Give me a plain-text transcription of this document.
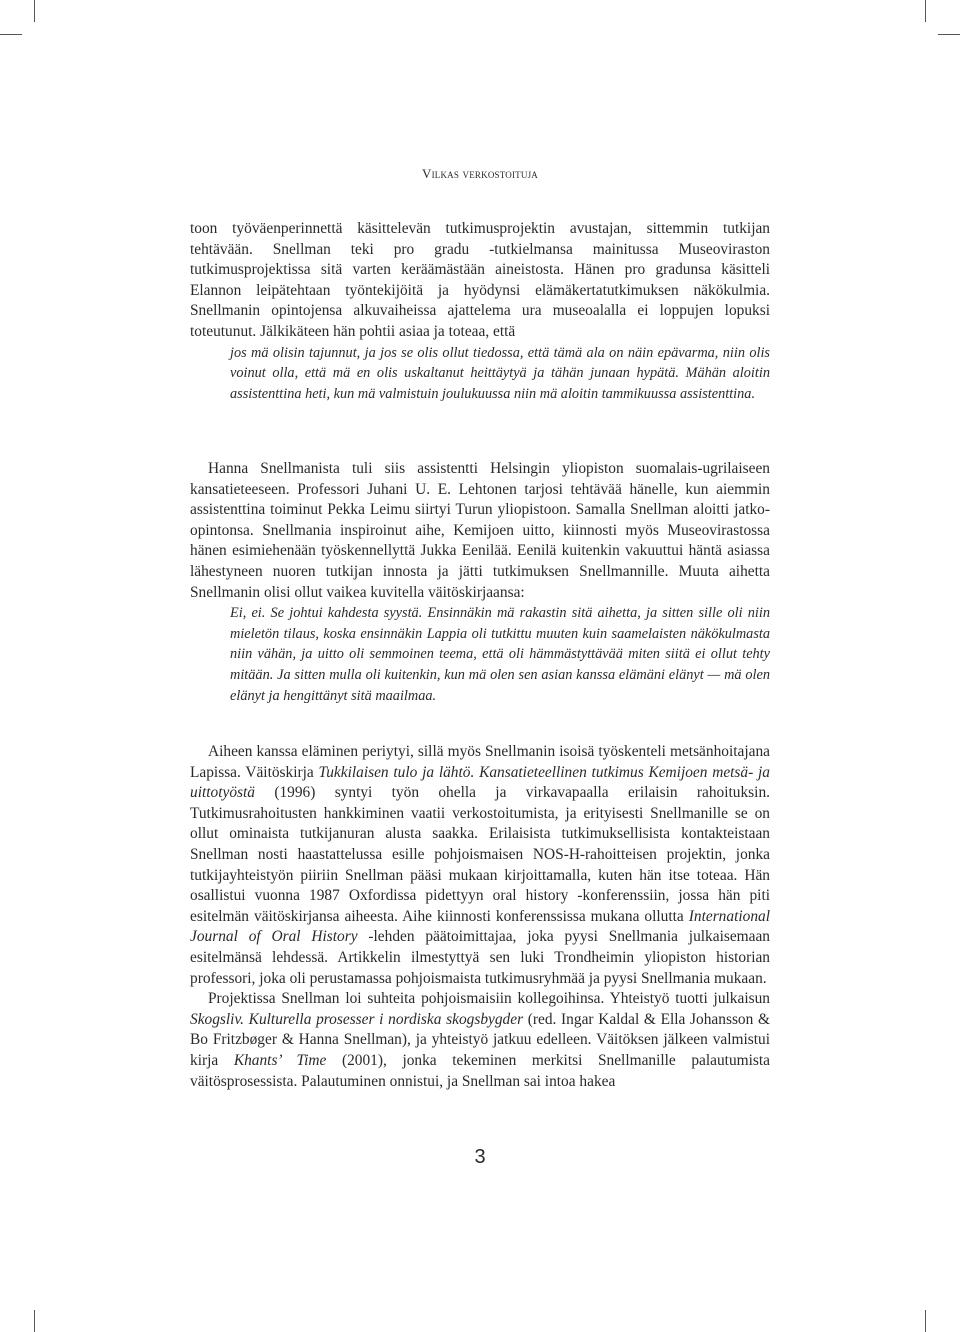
Vilkas verkostoituja

toon työväenperinnettä käsittelevän tutkimusprojektin avustajan, sittemmin tutkijan tehtävään. Snellman teki pro gradu -tutkielmansa mainitussa Museoviraston tutkimusprojektissa sitä varten keräämästään aineistosta. Hänen pro gradunsa käsitteli Elannon leipätehtaan työntekijöitä ja hyödynsi elämäkertatutkimuksen näkökulmia. Snellmanin opintojensa alkuvaiheissa ajattelema ura museoalalla ei loppujen lopuksi toteutunut. Jälkikäteen hän pohtii asiaa ja toteaa, että

jos mä olisin tajunnut, ja jos se olis ollut tiedossa, että tämä ala on näin epävarma, niin olis voinut olla, että mä en olis uskaltanut heittäytyä ja tähän junaan hypätä. Mähän aloitin assistenttina heti, kun mä valmistuin joulukuussa niin mä aloitin tammikuussa assistenttina.

Hanna Snellmanista tuli siis assistentti Helsingin yliopiston suomalais-ugrilaiseen kansatieteeseen. Professori Juhani U. E. Lehtonen tarjosi tehtävää hänelle, kun aiemmin assistenttina toiminut Pekka Leimu siirtyi Turun yliopistoon. Samalla Snellman aloitti jatko-opintonsa. Snellmania inspiroinut aihe, Kemijoen uitto, kiinnosti myös Museovirastossa hänen esimiehenään työskennellyttä Jukka Eenilää. Eenilä kuitenkin vakuuttui häntä asiassa lähestyneen nuoren tutkijan innosta ja jätti tutkimuksen Snellmannille. Muuta aihetta Snellmanin olisi ollut vaikea kuvitella väitöskirjaansa:

Ei, ei. Se johtui kahdesta syystä. Ensinnäkin mä rakastin sitä aihetta, ja sitten sille oli niin mieletön tilaus, koska ensinnäkin Lappia oli tutkittu muuten kuin saamelaisten näkökulmasta niin vähän, ja uitto oli semmoinen teema, että oli hämmästyttävää miten siitä ei ollut tehty mitään. Ja sitten mulla oli kuitenkin, kun mä olen sen asian kanssa elämäni elänyt — mä olen elänyt ja hengittänyt sitä maailmaa.

Aiheen kanssa eläminen periytyi, sillä myös Snellmanin isoisä työskenteli metsänhoitajana Lapissa. Väitöskirja Tukkilaisen tulo ja lähtö. Kansatieteellinen tutkimus Kemijoen metsä- ja uittotyöstä (1996) syntyi työn ohella ja virkavapaalla erilaisin rahoituksin. Tutkimusrahoitusten hankkiminen vaatii verkostoitumista, ja erityisesti Snellmanille se on ollut ominaista tutkijanuran alusta saakka. Erilaisista tutkimuksellisista kontakteistaan Snellman nosti haastattelussa esille pohjoismaisen NOS-H-rahoitteisen projektin, jonka tutkijayhteistyön piiriin Snellman pääsi mukaan kirjoittamalla, kuten hän itse toteaa. Hän osallistui vuonna 1987 Oxfordissa pidettyyn oral history -konferenssiin, jossa hän piti esitelmän väitöskirjansa aiheesta. Aihe kiinnosti konferenssissa mukana ollutta International Journal of Oral History -lehden päätoimittajaa, joka pyysi Snellmania julkaisemaan esitelmänsä lehdessä. Artikkelin ilmestyttyä sen luki Trondheimin yliopiston historian professori, joka oli perustamassa pohjoismaista tutkimusryhmää ja pyysi Snellmania mukaan.

Projektissa Snellman loi suhteita pohjoismaisiin kollegoihinsa. Yhteistyö tuotti julkaisun Skogsliv. Kulturella prosesser i nordiska skogsbygder (red. Ingar Kaldal & Ella Johansson & Bo Fritzbøger & Hanna Snellman), ja yhteistyö jatkuu edelleen. Väitöksen jälkeen valmistui kirja Khants’ Time (2001), jonka tekeminen merkitsi Snellmanille palautumista väitösprosessista. Palautuminen onnistui, ja Snellman sai intoa hakea

3
